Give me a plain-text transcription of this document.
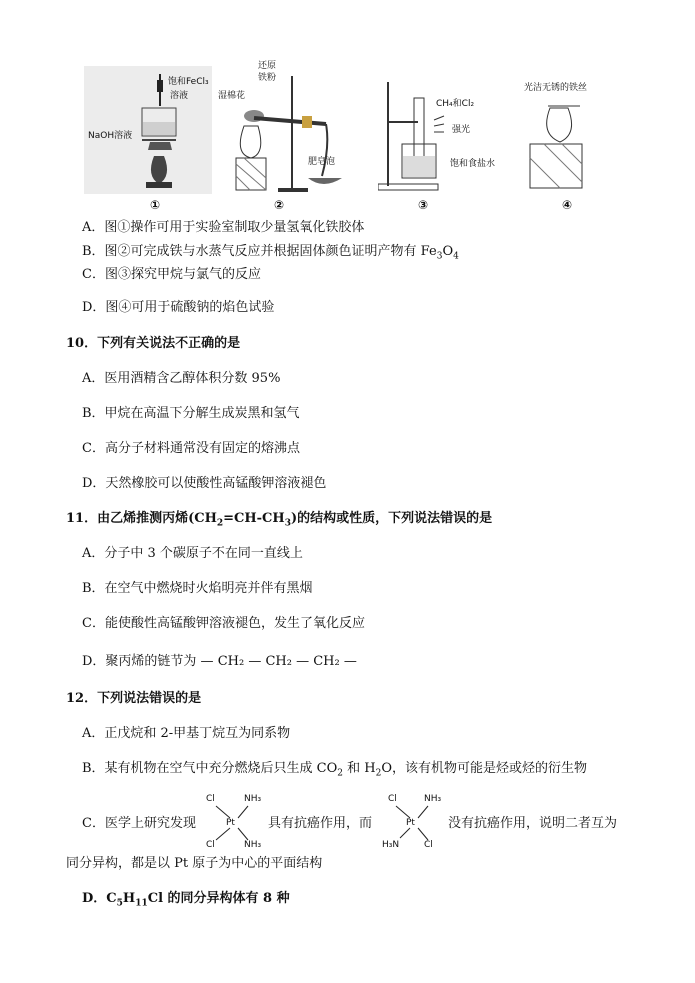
饱和FeCl₃
溶液
NaOH溶液
①
湿棉花
还原
铁粉
肥皂泡
②
CH₄和Cl₂
强光
饱和食盐水
③
光洁无锈的铁丝
④
A．图①操作可用于实验室制取少量氢氧化铁胶体
B．图②可完成铁与水蒸气反应并根据固体颜色证明产物有 $Fe_3O_4$
C．图③探究甲烷与氯气的反应
D．图④可用于硫酸钠的焰色试验
10．下列有关说法不正确的是
A．医用酒精含乙醇体积分数 95%
B．甲烷在高温下分解生成炭黑和氢气
C．高分子材料通常没有固定的熔沸点
D．天然橡胶可以使酸性高锰酸钾溶液褪色
11．由乙烯推测丙烯$(CH_2=CH-CH_3)$的结构或性质，下列说法错误的是
A．分子中 3 个碳原子不在同一直线上
B．在空气中燃烧时火焰明亮并伴有黑烟
C．能使酸性高锰酸钾溶液褪色，发生了氧化反应
D．聚丙烯的链节为 — CH₂ — CH₂ — CH₂ —
12．下列说法错误的是
A．正戊烷和 2-甲基丁烷互为同系物
B．某有机物在空气中充分燃烧后只生成 $CO_2$ 和 $H_2O$，该有机物可能是烃或烃的衍生物
C．医学上研究发现
Cl	NH₃
Pt
Cl	NH₃
具有抗癌作用，而
Cl	NH₃
Pt
H₃N	Cl
没有抗癌作用，说明二者互为
同分异构，都是以 Pt 原子为中心的平面结构
D．$C_5H_{11}Cl$ 的同分异构体有 8 种
